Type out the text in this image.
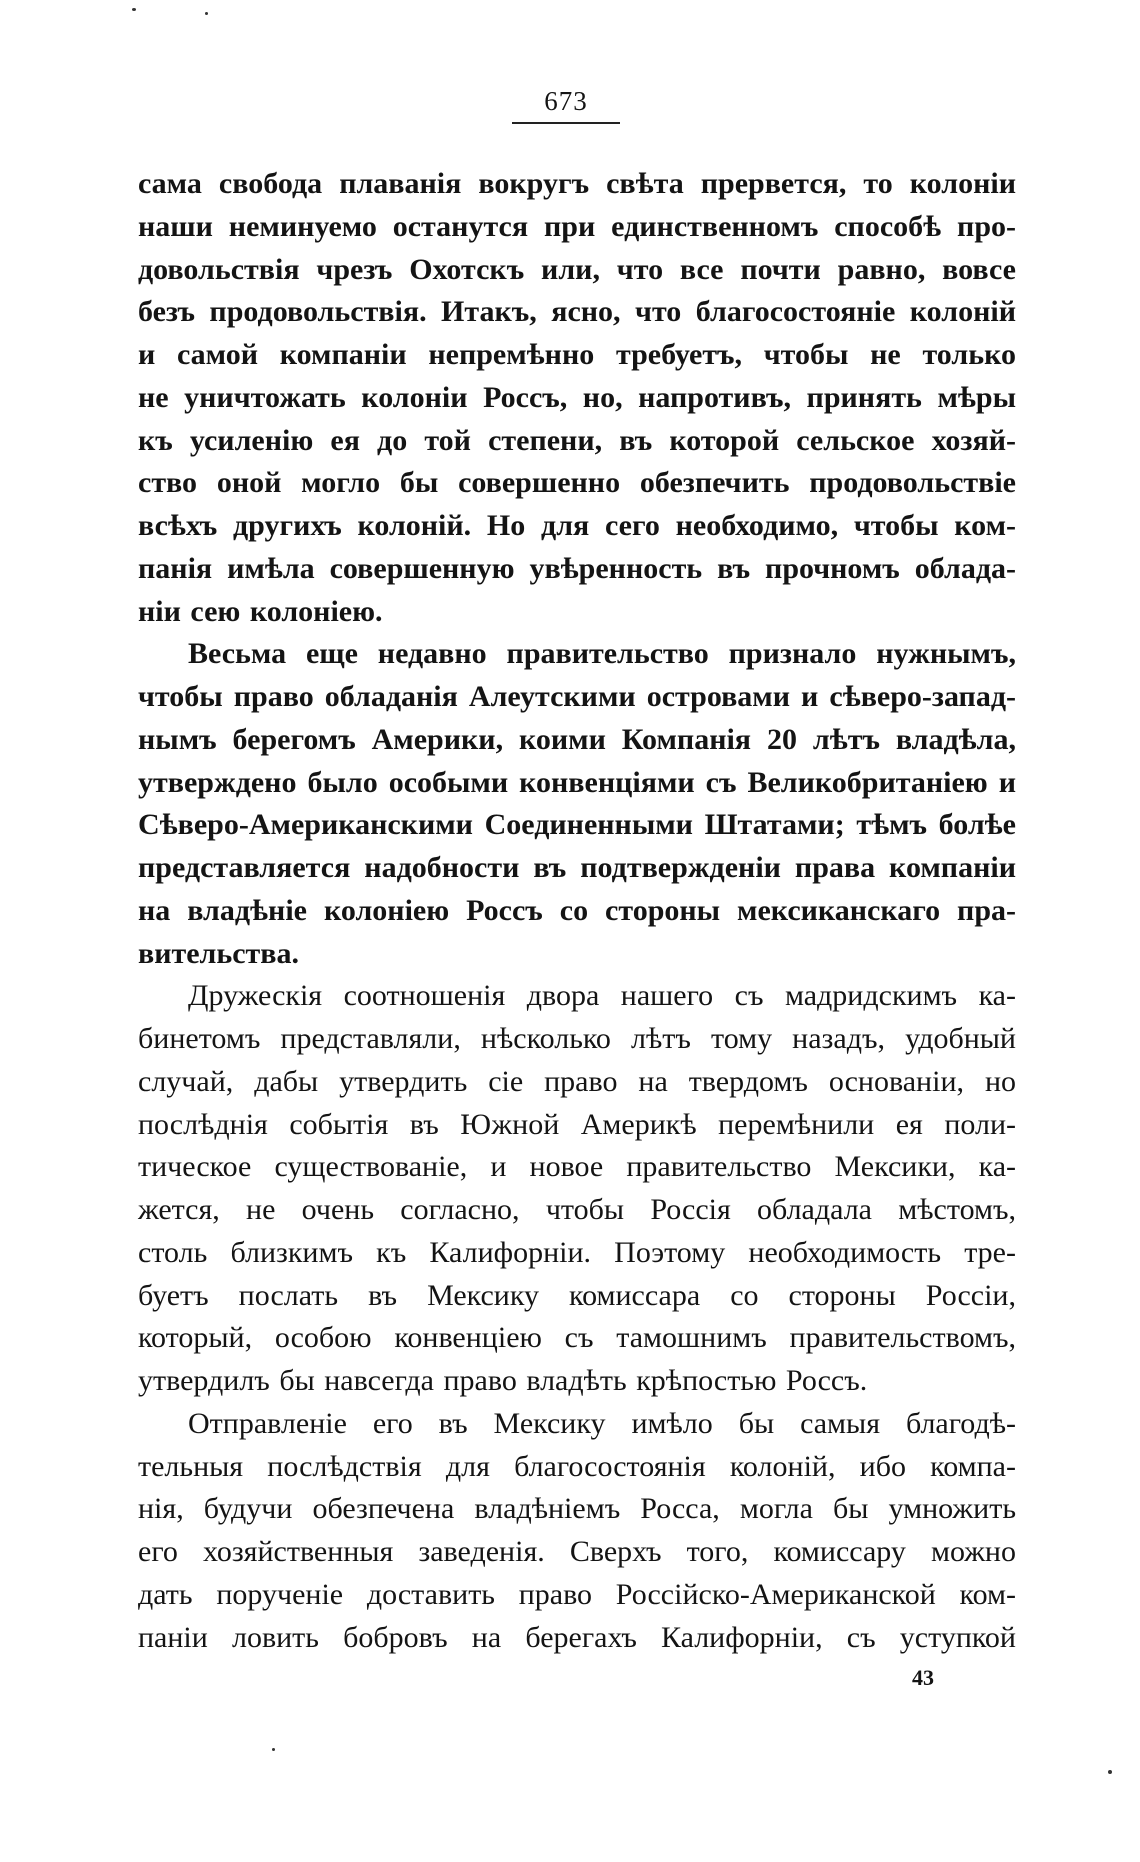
673
сама свобода плаванія вокругъ свѣта прервется, то колоніи
наши неминуемо останутся при единственномъ способѣ про-
довольствія чрезъ Охотскъ или, что все почти равно, вовсе
безъ продовольствія. Итакъ, ясно, что благосостояніе колоній
и самой компаніи непремѣнно требуетъ, чтобы не только
не уничтожать колоніи Россъ, но, напротивъ, принять мѣры
къ усиленію ея до той степени, въ которой сельское хозяй-
ство оной могло бы совершенно обезпечить продовольствіе
всѣхъ другихъ колоній. Но для сего необходимо, чтобы ком-
панія имѣла совершенную увѣренность въ прочномъ облада-
ніи сею колоніею.
Весьма еще недавно правительство признало нужнымъ,
чтобы право обладанія Алеутскими островами и сѣверо-запад-
нымъ берегомъ Америки, коими Компанія 20 лѣтъ владѣла,
утверждено было особыми конвенціями съ Великобританіею и
Сѣверо-Американскими Соединенными Штатами; тѣмъ болѣе
представляется надобности въ подтвержденіи права компаніи
на владѣніе колоніею Россъ со стороны мексиканскаго пра-
вительства.
Дружескія соотношенія двора нашего съ мадридскимъ ка-
бинетомъ представляли, нѣсколько лѣтъ тому назадъ, удобный
случай, дабы утвердить сіе право на твердомъ основаніи, но
послѣднія событія въ Южной Америкѣ перемѣнили ея поли-
тическое существованіе, и новое правительство Мексики, ка-
жется, не очень согласно, чтобы Россія обладала мѣстомъ,
столь близкимъ къ Калифорніи. Поэтому необходимость тре-
буетъ послать въ Мексику комиссара со стороны Россіи,
который, особою конвенціею съ тамошнимъ правительствомъ,
утвердилъ бы навсегда право владѣть крѣпостью Россъ.
Отправленіе его въ Мексику имѣло бы самыя благодѣ-
тельныя послѣдствія для благосостоянія колоній, ибо компа-
нія, будучи обезпечена владѣніемъ Росса, могла бы умножить
его хозяйственныя заведенія. Сверхъ того, комиссару можно
дать порученіе доставить право Россійско-Американской ком-
паніи ловить бобровъ на берегахъ Калифорніи, съ уступкой
43
